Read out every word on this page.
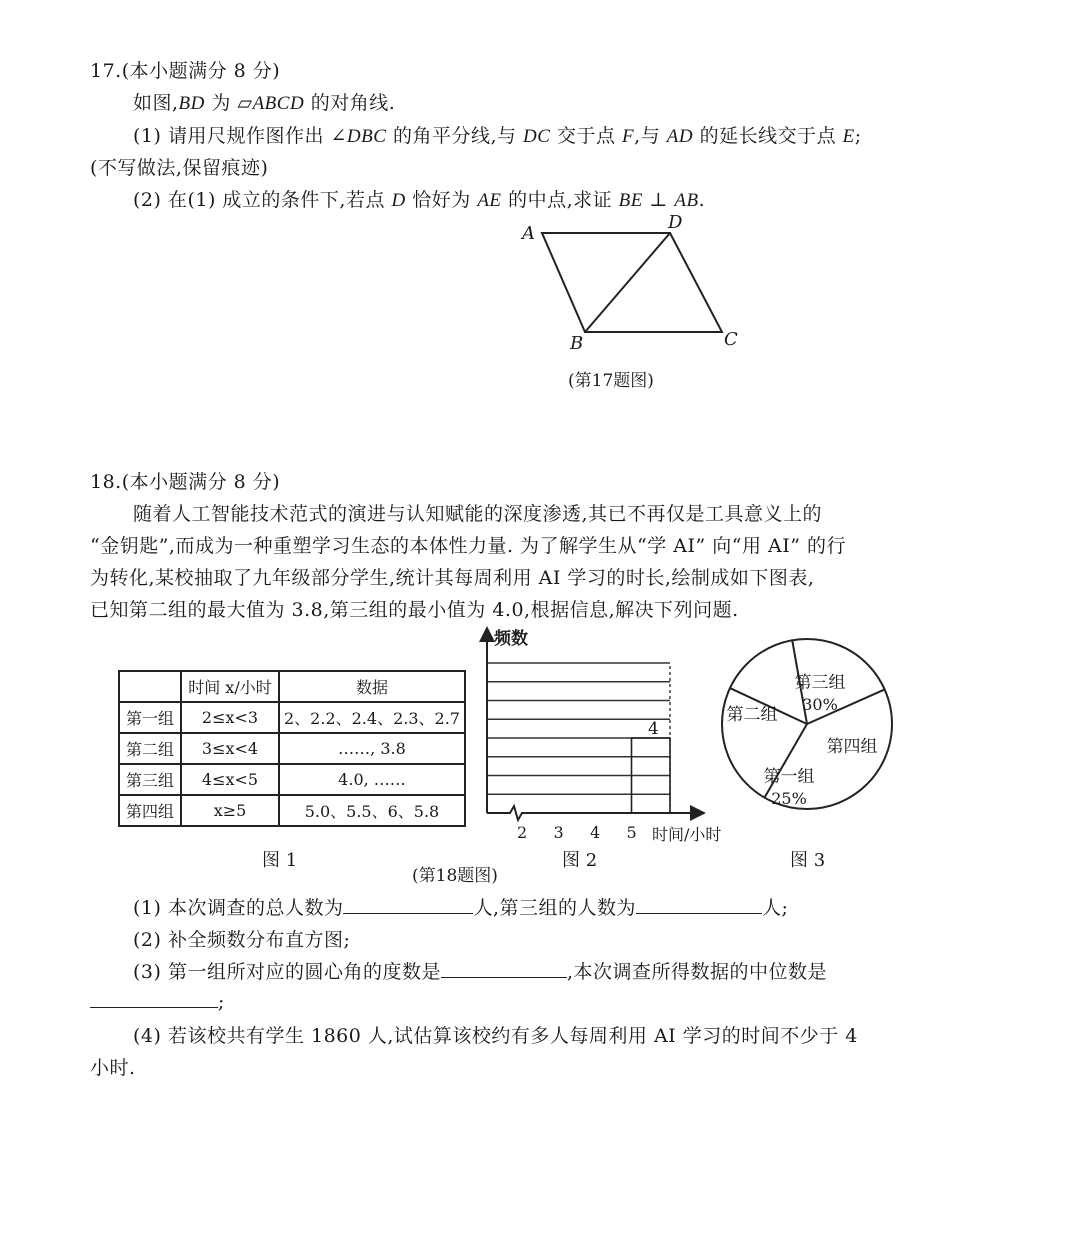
17.(本小题满分 8 分)
如图,BD 为 ▱ABCD 的对角线.
(1) 请用尺规作图作出 ∠DBC 的角平分线,与 DC 交于点 F,与 AD 的延长线交于点 E;
(不写做法,保留痕迹)
(2) 在(1) 成立的条件下,若点 D 恰好为 AE 的中点,求证 BE ⊥ AB.
A
D
B	C
(第17题图)
18.(本小题满分 8 分)
随着人工智能技术范式的演进与认知赋能的深度渗透,其已不再仅是工具意义上的
“金钥匙”,而成为一种重塑学习生态的本体性力量. 为了解学生从“学 AI” 向“用 AI” 的行
为转化,某校抽取了九年级部分学生,统计其每周利用 AI 学习的时长,绘制成如下图表,
已知第二组的最大值为 3.8,第三组的最小值为 4.0,根据信息,解决下列问题.
	时间 x/小时	数据
第一组	2≤x<3	2、2.2、2.4、2.3、2.7
第二组	3≤x<4	……, 3.8
第三组	4≤x<5	4.0, ……
第四组	x≥5	5.0、5.5、6、5.8
4
2 3 4 5
频数
时间/小时
第三组
30%
第二组
第一组
25%
第四组
图 1	图 2	图 3
(第18题图)
(1) 本次调查的总人数为	人,第三组的人数为	人;
(2) 补全频数分布直方图;
(3) 第一组所对应的圆心角的度数是	,本次调查所得数据的中位数是
;
(4) 若该校共有学生 1860 人,试估算该校约有多人每周利用 AI 学习的时间不少于 4
小时.
